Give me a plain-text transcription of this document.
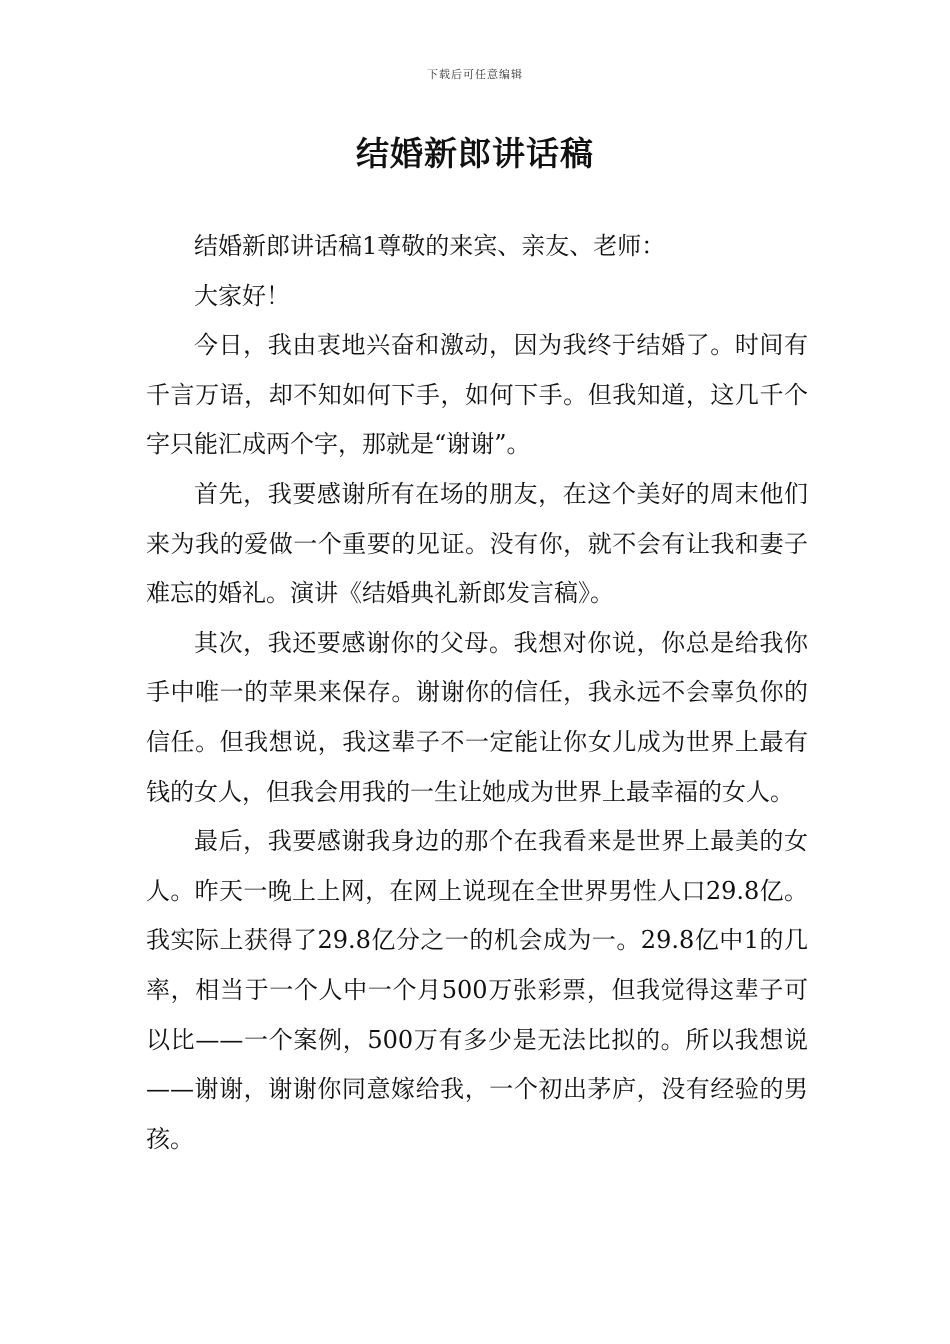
下载后可任意编辑
结婚新郎讲话稿

结婚新郎讲话稿1尊敬的来宾、亲友、老师：

大家好！

今日，我由衷地兴奋和激动，因为我终于结婚了。时间有千言万语，却不知如何下手，如何下手。但我知道，这几千个字只能汇成两个字，那就是“谢谢”。

首先，我要感谢所有在场的朋友，在这个美好的周末他们来为我的爱做一个重要的见证。没有你，就不会有让我和妻子难忘的婚礼。演讲《结婚典礼新郎发言稿》。

其次，我还要感谢你的父母。我想对你说，你总是给我你手中唯一的苹果来保存。谢谢你的信任，我永远不会辜负你的信任。但我想说，我这辈子不一定能让你女儿成为世界上最有钱的女人，但我会用我的一生让她成为世界上最幸福的女人。

最后，我要感谢我身边的那个在我看来是世界上最美的女人。昨天一晚上上网，在网上说现在全世界男性人口29.8亿。我实际上获得了29.8亿分之一的机会成为一。29.8亿中1的几率，相当于一个人中一个月500万张彩票，但我觉得这辈子可以比——一个案例，500万有多少是无法比拟的。所以我想说——谢谢，谢谢你同意嫁给我，一个初出茅庐，没有经验的男孩。
